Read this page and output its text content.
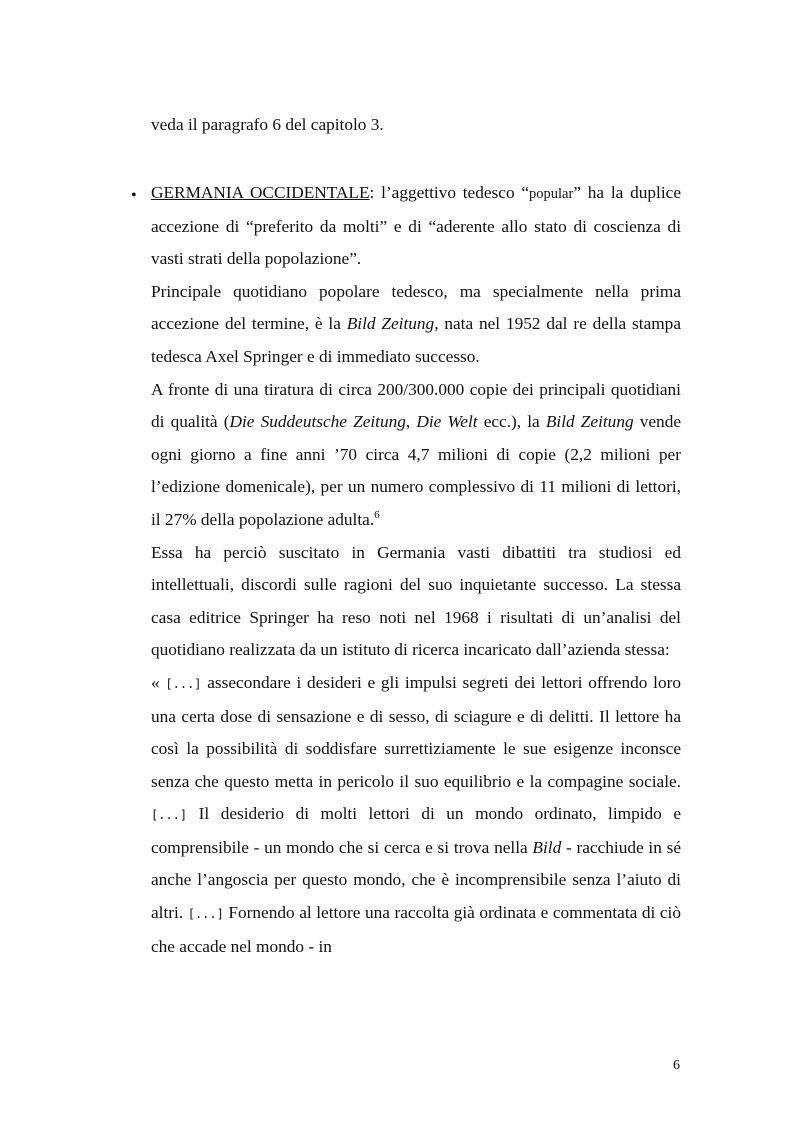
veda il paragrafo 6 del capitolo 3.
• GERMANIA OCCIDENTALE: l’aggettivo tedesco “popular” ha la duplice accezione di “preferito da molti” e di “aderente allo stato di coscienza di vasti strati della popolazione”.

Principale quotidiano popolare tedesco, ma specialmente nella prima accezione del termine, è la Bild Zeitung, nata nel 1952 dal re della stampa tedesca Axel Springer e di immediato successo.

A fronte di una tiratura di circa 200/300.000 copie dei principali quotidiani di qualità (Die Suddeutsche Zeitung, Die Welt ecc.), la Bild Zeitung vende ogni giorno a fine anni ’70 circa 4,7 milioni di copie (2,2 milioni per l’edizione domenicale), per un numero complessivo di 11 milioni di lettori, il 27% della popolazione adulta.$^6$

Essa ha perciò suscitato in Germania vasti dibattiti tra studiosi ed intellettuali, discordi sulle ragioni del suo inquietante successo. La stessa casa editrice Springer ha reso noti nel 1968 i risultati di un’analisi del quotidiano realizzata da un istituto di ricerca incaricato dall’azienda stessa:

« [...] assecondare i desideri e gli impulsi segreti dei lettori offrendo loro una certa dose di sensazione e di sesso, di sciagure e di delitti. Il lettore ha così la possibilità di soddisfare surrettiziamente le sue esigenze inconsce senza che questo metta in pericolo il suo equilibrio e la compagine sociale. [...] Il desiderio di molti lettori di un mondo ordinato, limpido e comprensibile - un mondo che si cerca e si trova nella Bild - racchiude in sé anche l’angoscia per questo mondo, che è incomprensibile senza l’aiuto di altri. [...] Fornendo al lettore una raccolta già ordinata e commentata di ciò che accade nel mondo - in

6
